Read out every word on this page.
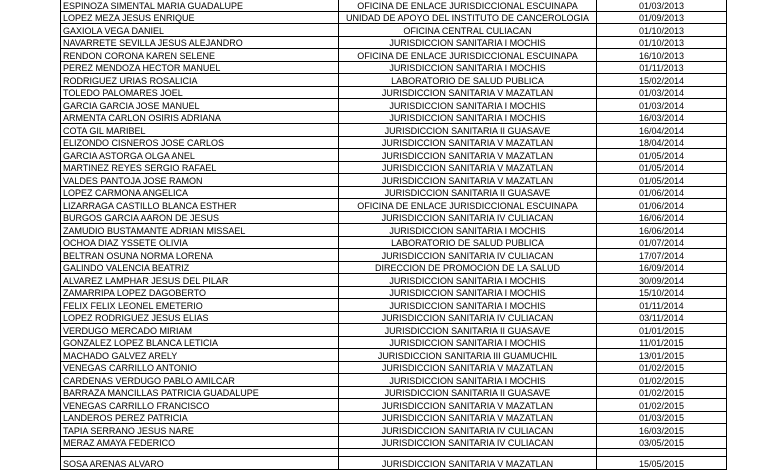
ESPINOZA SIMENTAL MARIA GUADALUPE	OFICINA DE ENLACE JURISDICCIONAL ESCUINAPA	01/03/2013
LOPEZ MEZA JESUS ENRIQUE	UNIDAD DE APOYO DEL INSTITUTO DE CANCEROLOGIA	01/09/2013
GAXIOLA VEGA DANIEL	OFICINA CENTRAL CULIACAN	01/10/2013
NAVARRETE SEVILLA JESUS ALEJANDRO	JURISDICCION SANITARIA I MOCHIS	01/10/2013
RENDON CORONA KAREN SELENE	OFICINA DE ENLACE JURISDICCIONAL ESCUINAPA	16/10/2013
PEREZ MENDOZA HECTOR MANUEL	JURISDICCION SANITARIA I MOCHIS	01/11/2013
RODRIGUEZ URIAS ROSALICIA	LABORATORIO DE SALUD PUBLICA	15/02/2014
TOLEDO PALOMARES JOEL	JURISDICCION SANITARIA V MAZATLAN	01/03/2014
GARCIA GARCIA JOSE MANUEL	JURISDICCION SANITARIA I MOCHIS	01/03/2014
ARMENTA CARLON OSIRIS ADRIANA	JURISDICCION SANITARIA I MOCHIS	16/03/2014
COTA GIL MARIBEL	JURISDICCION SANITARIA II GUASAVE	16/04/2014
ELIZONDO CISNEROS JOSE CARLOS	JURISDICCION SANITARIA V MAZATLAN	18/04/2014
GARCIA ASTORGA OLGA ANEL	JURISDICCION SANITARIA V MAZATLAN	01/05/2014
MARTINEZ REYES SERGIO RAFAEL	JURISDICCION SANITARIA V MAZATLAN	01/05/2014
VALDES PANTOJA JOSE RAMON	JURISDICCION SANITARIA V MAZATLAN	01/05/2014
LOPEZ CARMONA ANGELICA	JURISDICCION SANITARIA II GUASAVE	01/06/2014
LIZARRAGA CASTILLO BLANCA ESTHER	OFICINA DE ENLACE JURISDICCIONAL ESCUINAPA	01/06/2014
BURGOS GARCIA AARON DE JESUS	JURISDICCION SANITARIA IV CULIACAN	16/06/2014
ZAMUDIO BUSTAMANTE ADRIAN MISSAEL	JURISDICCION SANITARIA I MOCHIS	16/06/2014
OCHOA DIAZ YSSETE OLIVIA	LABORATORIO DE SALUD PUBLICA	01/07/2014
BELTRAN OSUNA NORMA LORENA	JURISDICCION SANITARIA IV CULIACAN	17/07/2014
GALINDO VALENCIA BEATRIZ	DIRECCION DE PROMOCION DE LA SALUD	16/09/2014
ALVAREZ LAMPHAR JESUS DEL PILAR	JURISDICCION SANITARIA I MOCHIS	30/09/2014
ZAMARRIPA LOPEZ DAGOBERTO	JURISDICCION SANITARIA I MOCHIS	15/10/2014
FELIX FELIX LEONEL EMETERIO	JURISDICCION SANITARIA I MOCHIS	01/11/2014
LOPEZ RODRIGUEZ JESUS ELIAS	JURISDICCION SANITARIA IV CULIACAN	03/11/2014
VERDUGO MERCADO MIRIAM	JURISDICCION SANITARIA II GUASAVE	01/01/2015
GONZALEZ LOPEZ BLANCA LETICIA	JURISDICCION SANITARIA I MOCHIS	11/01/2015
MACHADO GALVEZ ARELY	JURISDICCION SANITARIA III GUAMUCHIL	13/01/2015
VENEGAS CARRILLO ANTONIO	JURISDICCION SANITARIA V MAZATLAN	01/02/2015
CARDENAS VERDUGO PABLO AMILCAR	JURISDICCION SANITARIA I MOCHIS	01/02/2015
BARRAZA MANCILLAS PATRICIA GUADALUPE	JURISDICCION SANITARIA II GUASAVE	01/02/2015
VENEGAS CARRILLO FRANCISCO	JURISDICCION SANITARIA V MAZATLAN	01/02/2015
LANDEROS PEREZ PATRICIA	JURISDICCION SANITARIA V MAZATLAN	01/03/2015
TAPIA SERRANO JESUS NARE	JURISDICCION SANITARIA IV CULIACAN	16/03/2015
MERAZ AMAYA FEDERICO	JURISDICCION SANITARIA IV CULIACAN	03/05/2015

SOSA ARENAS ALVARO	JURISDICCION SANITARIA V MAZATLAN	15/05/2015
